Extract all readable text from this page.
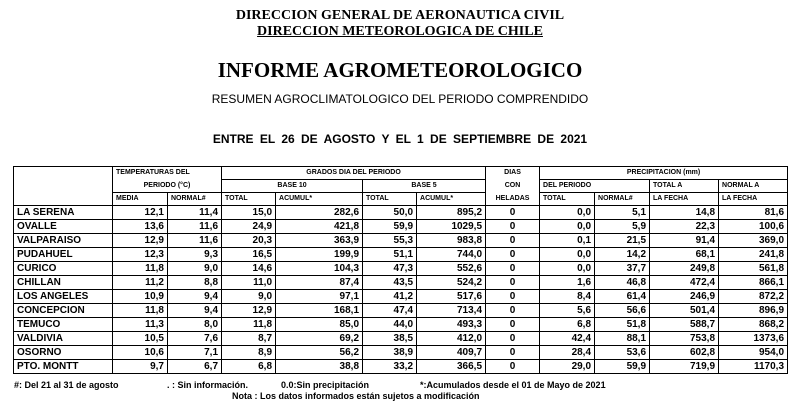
DIRECCION GENERAL DE AERONAUTICA CIVIL
DIRECCION METEOROLOGICA DE CHILE
INFORME AGROMETEOROLOGICO
RESUMEN AGROCLIMATOLOGICO DEL PERIODO COMPRENDIDO
ENTRE EL 26 DE AGOSTO Y EL 1 DE SEPTIEMBRE DE 2021
	TEMPERATURAS DEL		GRADOS DIA DEL PERIODO				DIAS	PRECIPITACION (mm)			
	PERIODO (°C)		BASE 10		BASE 5		CON	DEL PERIODO		TOTAL A	NORMAL A
	MEDIA	NORMAL#	TOTAL	ACUMUL*	TOTAL	ACUMUL*	HELADAS	TOTAL	NORMAL#	LA FECHA	LA FECHA
LA SERENA	12,1	11,4	15,0	282,6	50,0	895,2	0	0,0	5,1	14,8	81,6
OVALLE	13,6	11,6	24,9	421,8	59,9	1029,5	0	0,0	5,9	22,3	100,6
VALPARAISO	12,9	11,6	20,3	363,9	55,3	983,8	0	0,1	21,5	91,4	369,0
PUDAHUEL	12,3	9,3	16,5	199,9	51,1	744,0	0	0,0	14,2	68,1	241,8
CURICO	11,8	9,0	14,6	104,3	47,3	552,6	0	0,0	37,7	249,8	561,8
CHILLAN	11,2	8,8	11,0	87,4	43,5	524,2	0	1,6	46,8	472,4	866,1
LOS ANGELES	10,9	9,4	9,0	97,1	41,2	517,6	0	8,4	61,4	246,9	872,2
CONCEPCION	11,8	9,4	12,9	168,1	47,4	713,4	0	5,6	56,6	501,4	896,9
TEMUCO	11,3	8,0	11,8	85,0	44,0	493,3	0	6,8	51,8	588,7	868,2
VALDIVIA	10,5	7,6	8,7	69,2	38,5	412,0	0	42,4	88,1	753,8	1373,6
OSORNO	10,6	7,1	8,9	56,2	38,9	409,7	0	28,4	53,6	602,8	954,0
PTO. MONTT	9,7	6,7	6,8	38,8	33,2	366,5	0	29,0	59,9	719,9	1170,3
#: Del 21 al 31 de agosto	. : Sin información.	0.0:Sin precipitación	*:Acumulados desde el 01 de Mayo de 2021
Nota : Los datos informados están sujetos a modificación
